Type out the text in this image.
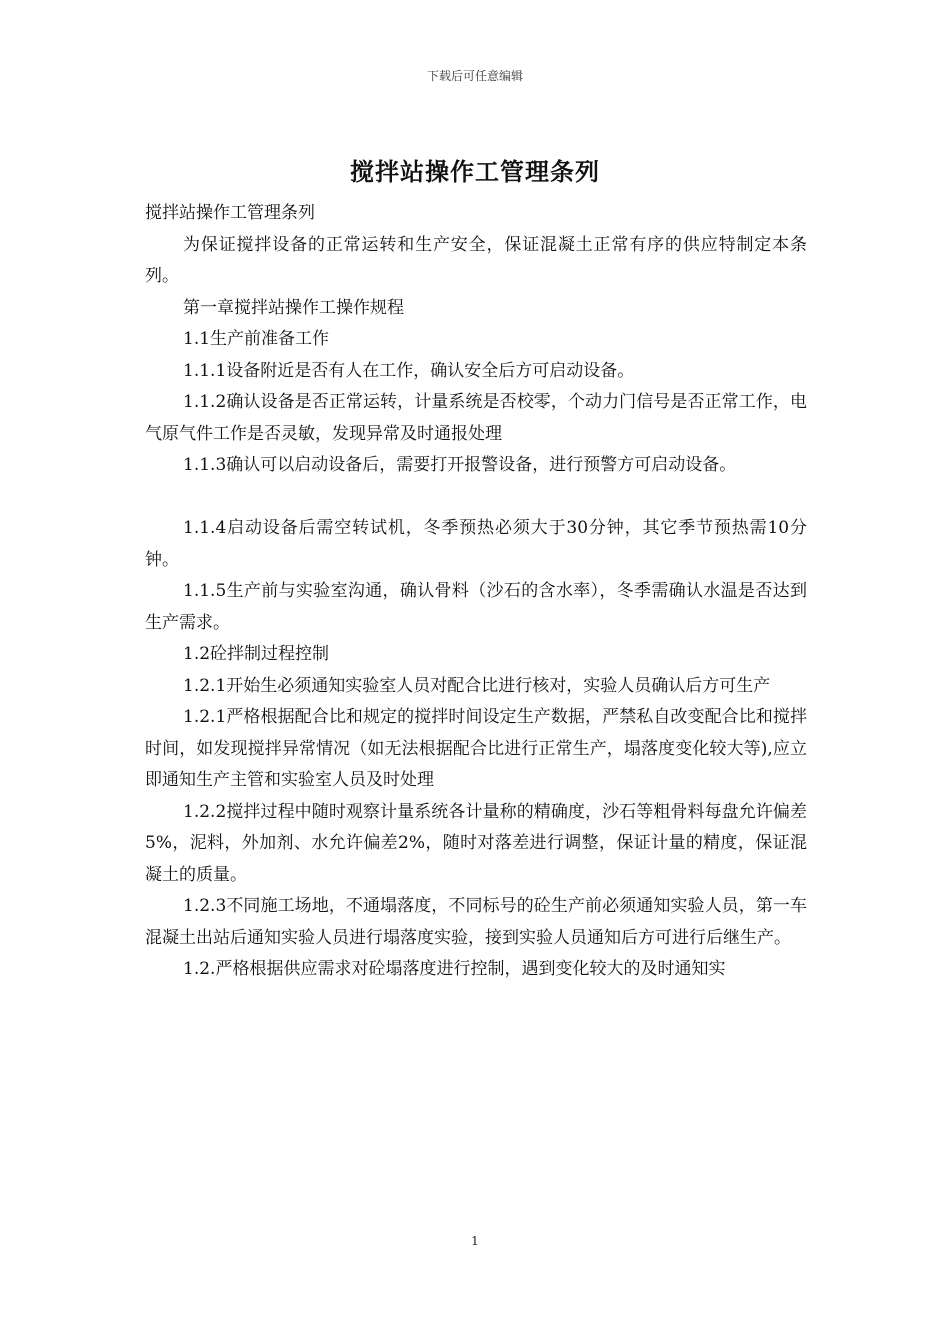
下载后可任意编辑
搅拌站操作工管理条列

搅拌站操作工管理条列

为保证搅拌设备的正常运转和生产安全，保证混凝土正常有序的供应特制定本条列。

第一章搅拌站操作工操作规程

1.1生产前准备工作

1.1.1设备附近是否有人在工作，确认安全后方可启动设备。

1.1.2确认设备是否正常运转，计量系统是否校零，个动力门信号是否正常工作，电气原气件工作是否灵敏，发现异常及时通报处理

1.1.3确认可以启动设备后，需要打开报警设备，进行预警方可启动设备。

1.1.4启动设备后需空转试机，冬季预热必须大于30分钟，其它季节预热需10分钟。

1.1.5生产前与实验室沟通，确认骨料（沙石的含水率），冬季需确认水温是否达到生产需求。

1.2砼拌制过程控制

1.2.1开始生必须通知实验室人员对配合比进行核对，实验人员确认后方可生产

1.2.1严格根据配合比和规定的搅拌时间设定生产数据，严禁私自改变配合比和搅拌时间，如发现搅拌异常情况（如无法根据配合比进行正常生产，塌落度变化较大等),应立即通知生产主管和实验室人员及时处理

1.2.2搅拌过程中随时观察计量系统各计量称的精确度，沙石等粗骨料每盘允许偏差5%，泥料，外加剂、水允许偏差2%，随时对落差进行调整，保证计量的精度，保证混凝土的质量。

1.2.3不同施工场地，不通塌落度，不同标号的砼生产前必须通知实验人员，第一车混凝土出站后通知实验人员进行塌落度实验，接到实验人员通知后方可进行后继生产。

1.2.严格根据供应需求对砼塌落度进行控制，遇到变化较大的及时通知实

1
